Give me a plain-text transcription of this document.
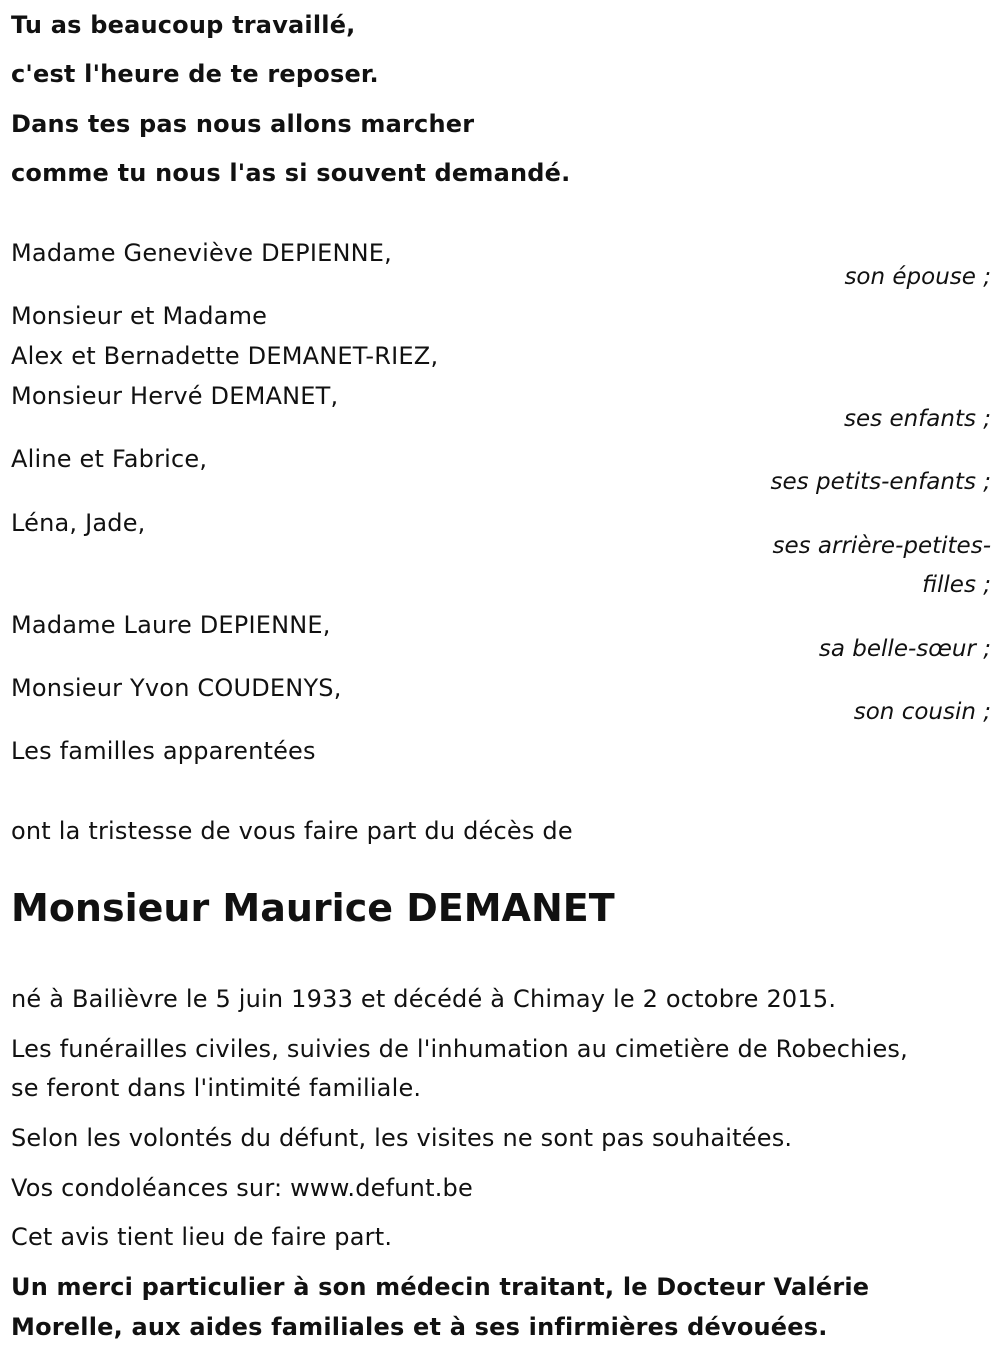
Tu as beaucoup travaillé,
c'est l'heure de te reposer.
Dans tes pas nous allons marcher
comme tu nous l'as si souvent demandé.
Madame Geneviève DEPIENNE,
son épouse ;
Monsieur et Madame
Alex et Bernadette DEMANET-RIEZ,
Monsieur Hervé DEMANET,
ses enfants ;
Aline et Fabrice,
ses petits-enfants ;
Léna, Jade,
ses arrière-petites-
filles ;
Madame Laure DEPIENNE,
sa belle-sœur ;
Monsieur Yvon COUDENYS,
son cousin ;
Les familles apparentées
ont la tristesse de vous faire part du décès de
Monsieur Maurice DEMANET
né à Bailièvre le 5 juin 1933 et décédé à Chimay le 2 octobre 2015.
Les funérailles civiles, suivies de l'inhumation au cimetière de Robechies,
se feront dans l'intimité familiale.
Selon les volontés du défunt, les visites ne sont pas souhaitées.
Vos condoléances sur: www.defunt.be
Cet avis tient lieu de faire part.
Un merci particulier à son médecin traitant, le Docteur Valérie
Morelle, aux aides familiales et à ses infirmières dévouées.
